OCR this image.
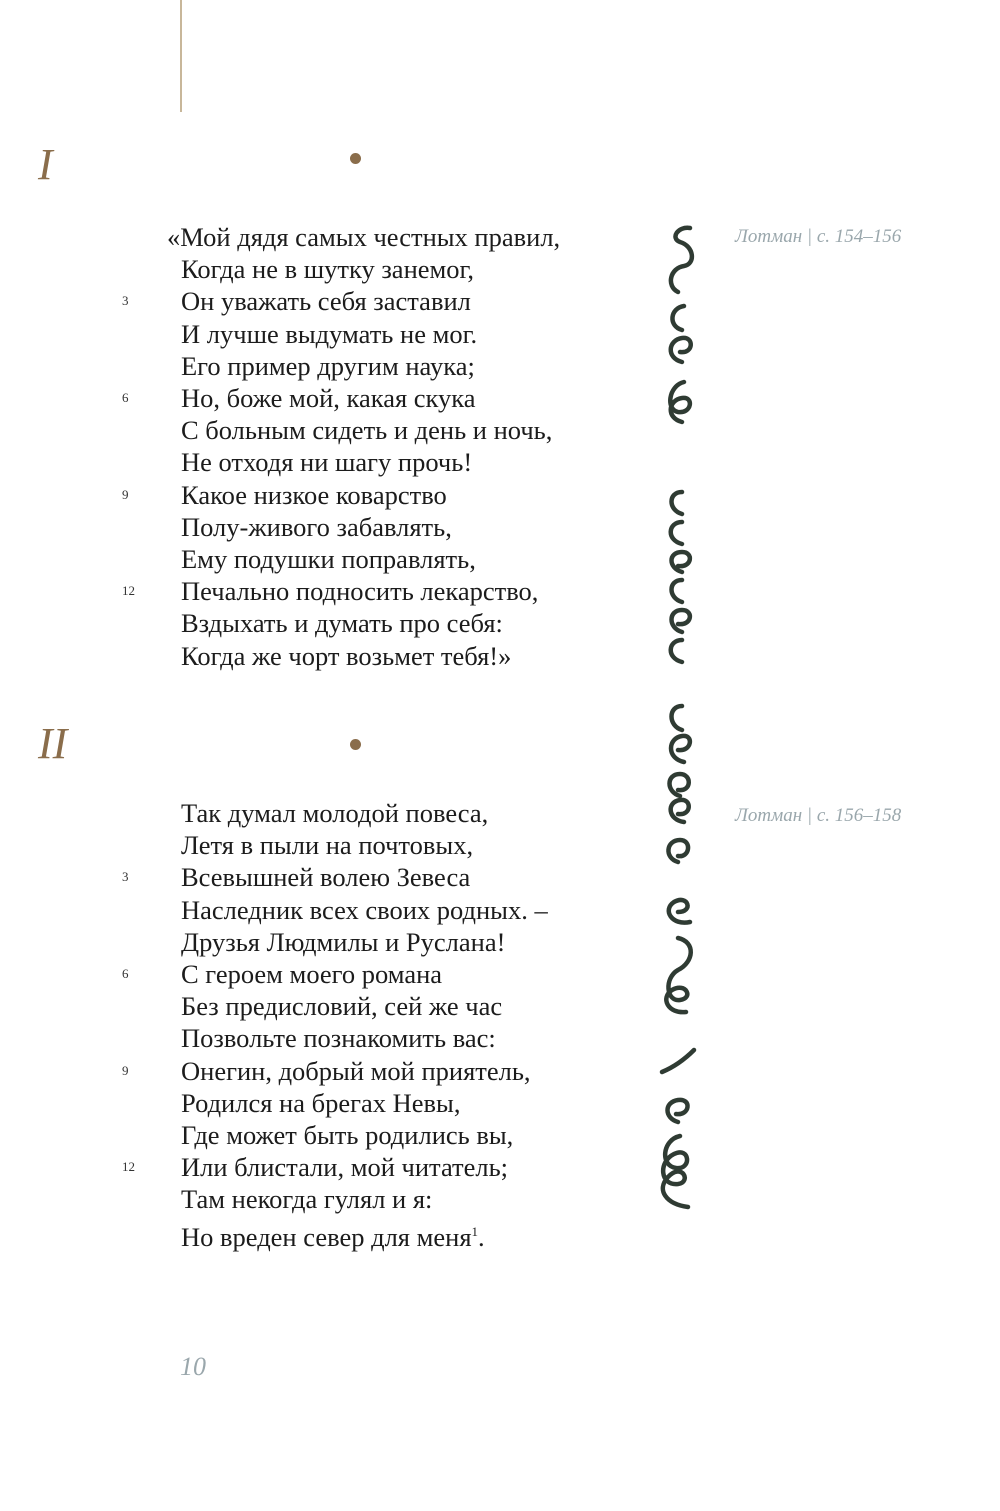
I
Лотман | с. 154–156
«Мой дядя самых честных правил,
Когда не в шутку занемог,
3 Он уважать себя заставил
И лучше выдумать не мог.
Его пример другим наука;
6 Но, боже мой, какая скука
С больным сидеть и день и ночь,
Не отходя ни шагу прочь!
9 Какое низкое коварство
Полу-живого забавлять,
Ему подушки поправлять,
12 Печально подносить лекарство,
Вздыхать и думать про себя:
Когда же чорт возьмет тебя!»
II
Лотман | с. 156–158
Так думал молодой повеса,
Летя в пыли на почтовых,
3 Всевышней волею Зевеса
Наследник всех своих родных. –
Друзья Людмилы и Руслана!
6 С героем моего романа
Без предисловий, сей же час
Позвольте познакомить вас:
9 Онегин, добрый мой приятель,
Родился на брегах Невы,
Где может быть родились вы,
12 Или блистали, мой читатель;
Там некогда гулял и я:
Но вреден север для меня$^1$.
10
